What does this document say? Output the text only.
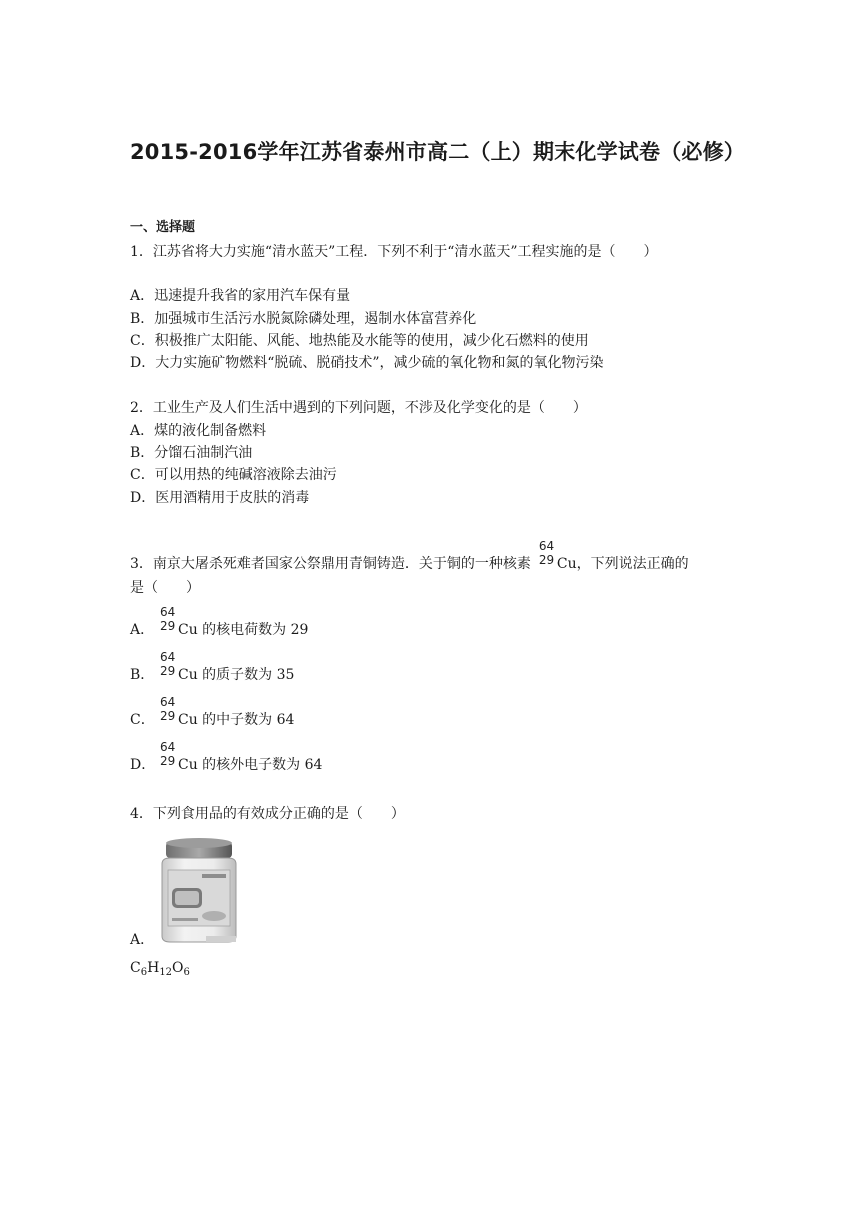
2015-2016学年江苏省泰州市高二（上）期末化学试卷（必修）
一、选择题
1．江苏省将大力实施“清水蓝天”工程．下列不利于“清水蓝天”工程实施的是（　　）
A．迅速提升我省的家用汽车保有量
B．加强城市生活污水脱氮除磷处理，遏制水体富营养化
C．积极推广太阳能、风能、地热能及水能等的使用，减少化石燃料的使用
D．大力实施矿物燃料“脱硫、脱硝技术”，减少硫的氧化物和氮的氧化物污染
2．工业生产及人们生活中遇到的下列问题，不涉及化学变化的是（　　）
A．煤的液化制备燃料
B．分馏石油制汽油
C．可以用热的纯碱溶液除去油污
D．医用酒精用于皮肤的消毒
3．南京大屠杀死难者国家公祭鼎用青铜铸造．关于铜的一种核素
64
29 Cu，下列说法正确的
是（　　）
A．
64
29 Cu 的核电荷数为 29
B．
64
29 Cu 的质子数为 35
C．
64
29 Cu 的中子数为 64
D．
64
29 Cu 的核外电子数为 64
4．下列食用品的有效成分正确的是（　　）
A．
$C_6H_{12}O_6$
